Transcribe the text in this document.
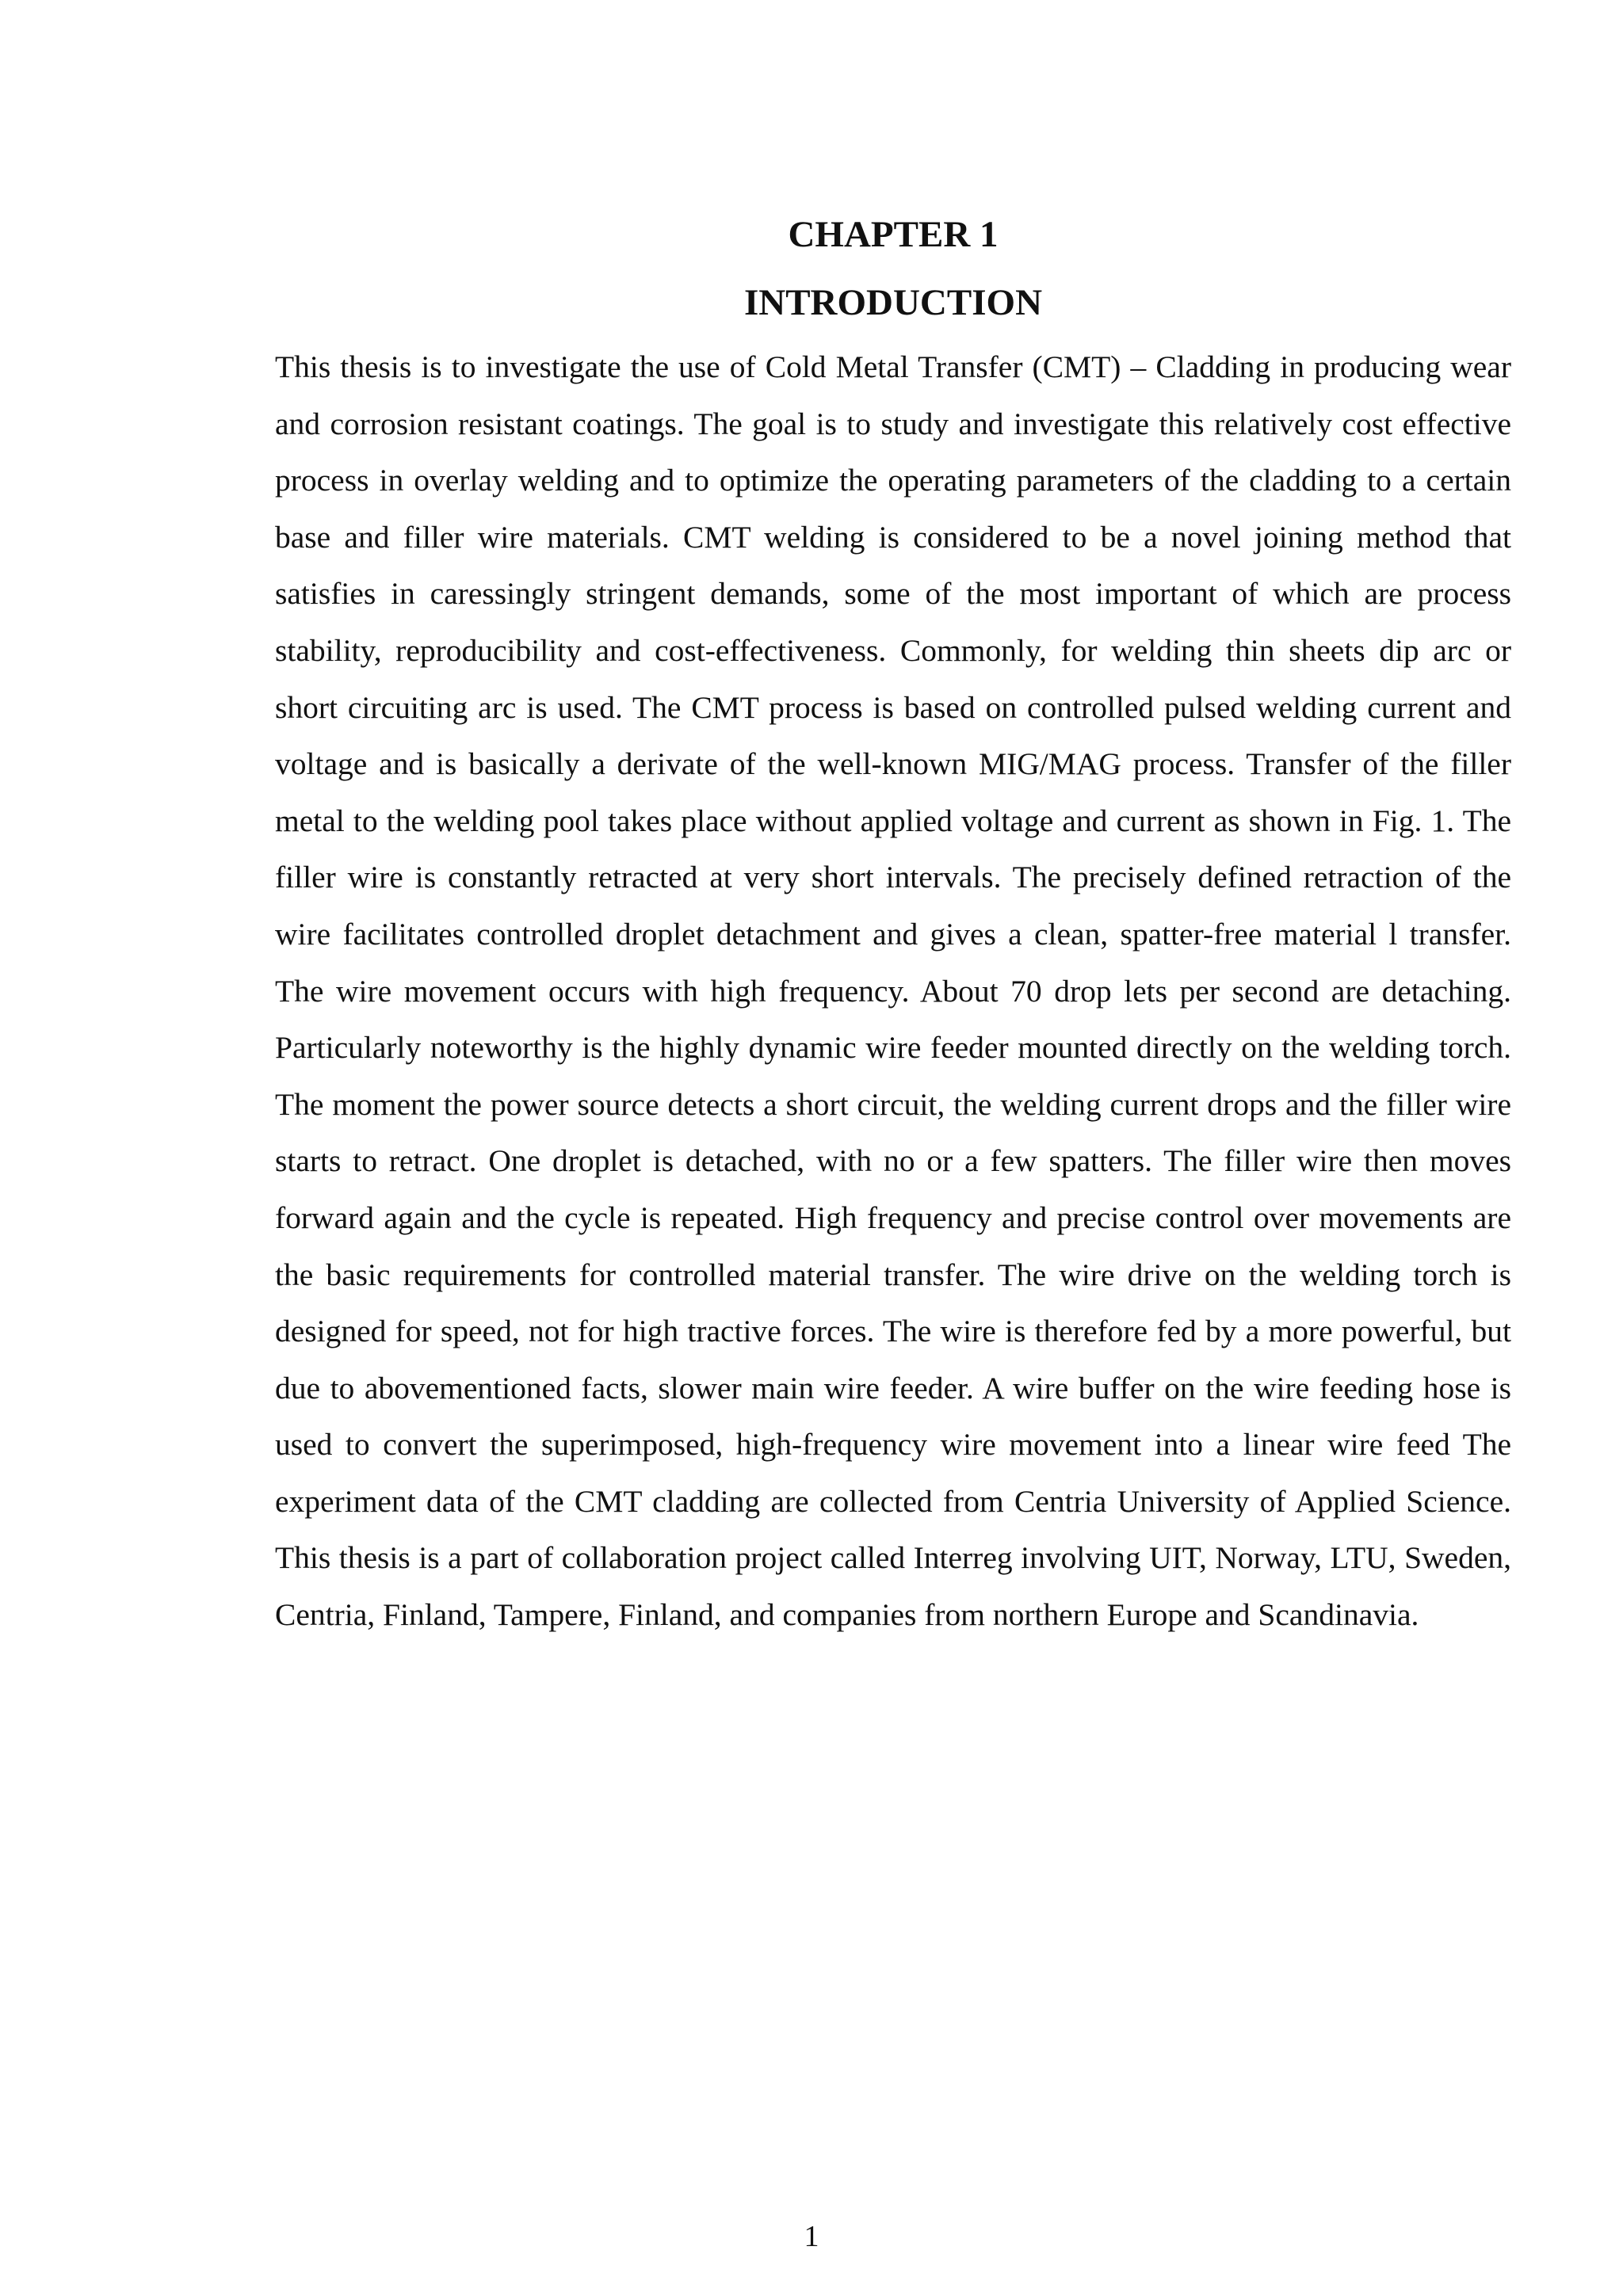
CHAPTER 1
INTRODUCTION

This thesis is to investigate the use of Cold Metal Transfer (CMT) – Cladding in producing wear and corrosion resistant coatings. The goal is to study and investigate this relatively cost effective process in overlay welding and to optimize the operating parameters of the cladding to a certain base and filler wire materials. CMT welding is considered to be a novel joining method that satisfies in caressingly stringent demands, some of the most important of which are process stability, reproducibility and cost-effectiveness. Commonly, for welding thin sheets dip arc or short circuiting arc is used. The CMT process is based on controlled pulsed welding current and voltage and is basically a derivate of the well-known MIG/MAG process. Transfer of the filler metal to the welding pool takes place without applied voltage and current as shown in Fig. 1. The filler wire is constantly retracted at very short intervals. The precisely defined retraction of the wire facilitates controlled droplet detachment and gives a clean, spatter-free material l transfer. The wire movement occurs with high frequency. About 70 drop lets per second are detaching. Particularly noteworthy is the highly dynamic wire feeder mounted directly on the welding torch. The moment the power source detects a short circuit, the welding current drops and the filler wire starts to retract. One droplet is detached, with no or a few spatters. The filler wire then moves forward again and the cycle is repeated. High frequency and precise control over movements are the basic requirements for controlled material transfer. The wire drive on the welding torch is designed for speed, not for high tractive forces. The wire is therefore fed by a more powerful, but due to abovementioned facts, slower main wire feeder. A wire buffer on the wire feeding hose is used to convert the superimposed, high-frequency wire movement into a linear wire feed The experiment data of the CMT cladding are collected from Centria University of Applied Science. This thesis is a part of collaboration project called Interreg involving UIT, Norway, LTU, Sweden, Centria, Finland, Tampere, Finland, and companies from northern Europe and Scandinavia.

1
